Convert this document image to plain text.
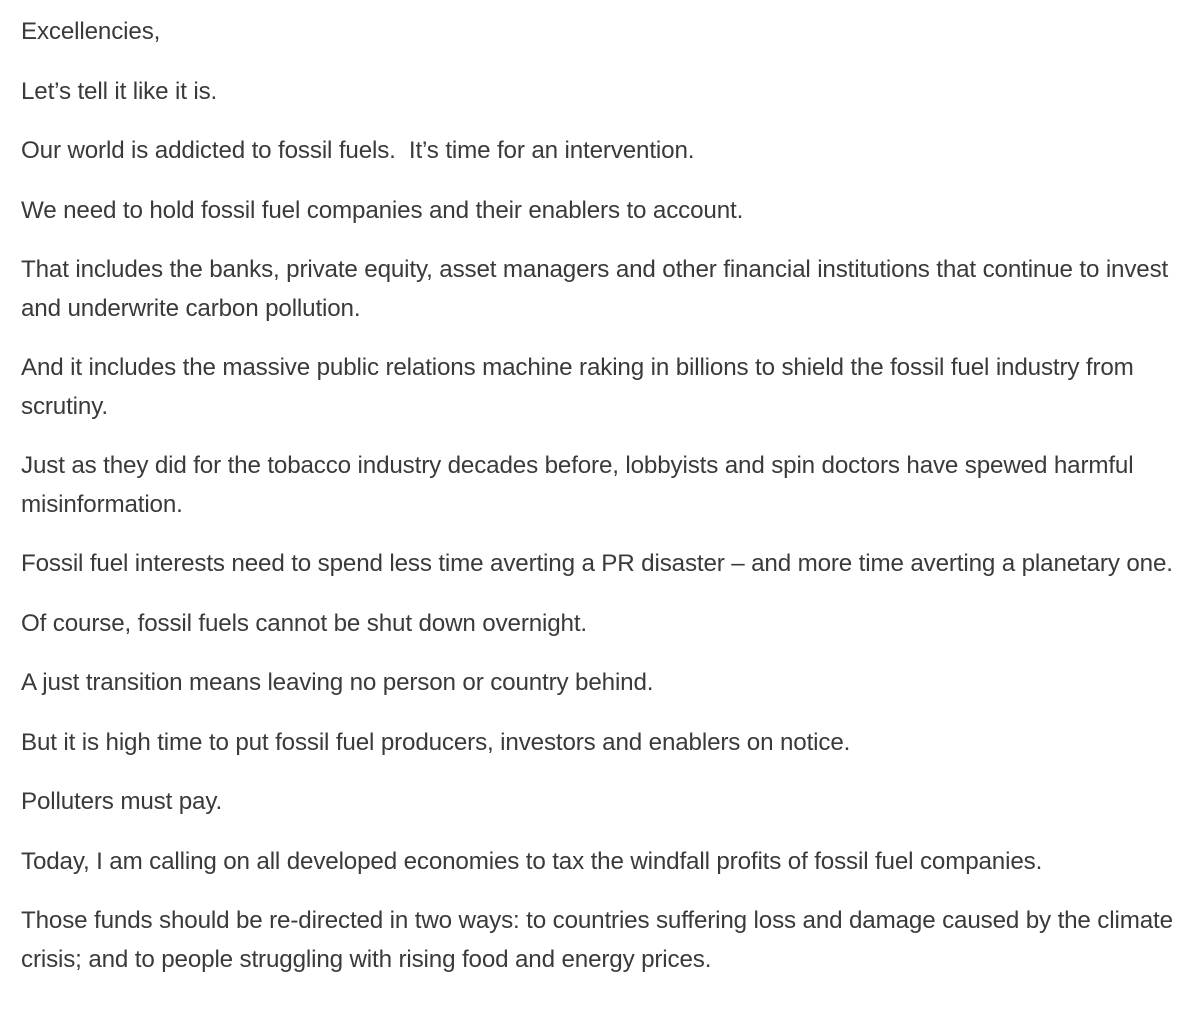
Excellencies,

Let’s tell it like it is.

Our world is addicted to fossil fuels.  It’s time for an intervention.

We need to hold fossil fuel companies and their enablers to account.

That includes the banks, private equity, asset managers and other financial institutions that continue to invest and underwrite carbon pollution.

And it includes the massive public relations machine raking in billions to shield the fossil fuel industry from scrutiny.

Just as they did for the tobacco industry decades before, lobbyists and spin doctors have spewed harmful misinformation.

Fossil fuel interests need to spend less time averting a PR disaster – and more time averting a planetary one.

Of course, fossil fuels cannot be shut down overnight.

A just transition means leaving no person or country behind.

But it is high time to put fossil fuel producers, investors and enablers on notice.

Polluters must pay.

Today, I am calling on all developed economies to tax the windfall profits of fossil fuel companies.

Those funds should be re-directed in two ways: to countries suffering loss and damage caused by the climate crisis; and to people struggling with rising food and energy prices.
